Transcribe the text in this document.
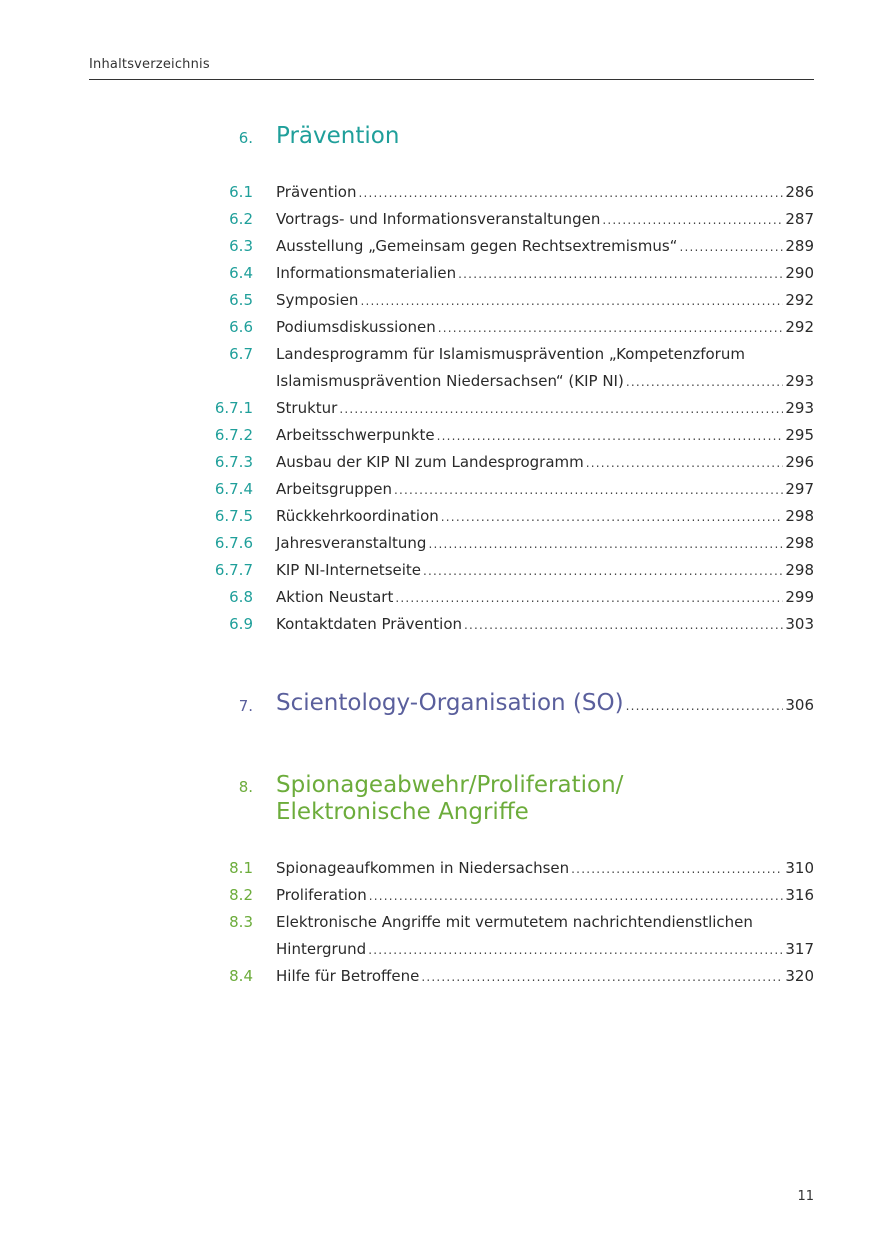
Inhaltsverzeichnis
6. Prävention
6.1 Prävention .....	286
6.2 Vortrags- und Informationsveranstaltungen .....	287
6.3 Ausstellung „Gemeinsam gegen Rechtsextremismus“ .....	289
6.4 Informationsmaterialien .....	290
6.5 Symposien .....	292
6.6 Podiumsdiskussionen .....	292
6.7 Landesprogramm für Islamismusprävention „Kompetenzforum
Islamismusprävention Niedersachsen“ (KIP NI) .....	293
6.7.1 Struktur .....	293
6.7.2 Arbeitsschwerpunkte .....	295
6.7.3 Ausbau der KIP NI zum Landesprogramm .....	296
6.7.4 Arbeitsgruppen .....	297
6.7.5 Rückkehrkoordination .....	298
6.7.6 Jahresveranstaltung .....	298
6.7.7 KIP NI-Internetseite .....	298
6.8 Aktion Neustart .....	299
6.9 Kontaktdaten Prävention .....	303
7. Scientology-Organisation (SO) .....	306
8. Spionageabwehr/Proliferation/
Elektronische Angriffe
8.1 Spionageaufkommen in Niedersachsen .....	310
8.2 Proliferation .....	316
8.3 Elektronische Angriffe mit vermutetem nachrichtendienstlichen
Hintergrund .....	317
8.4 Hilfe für Betroffene .....	320
11
